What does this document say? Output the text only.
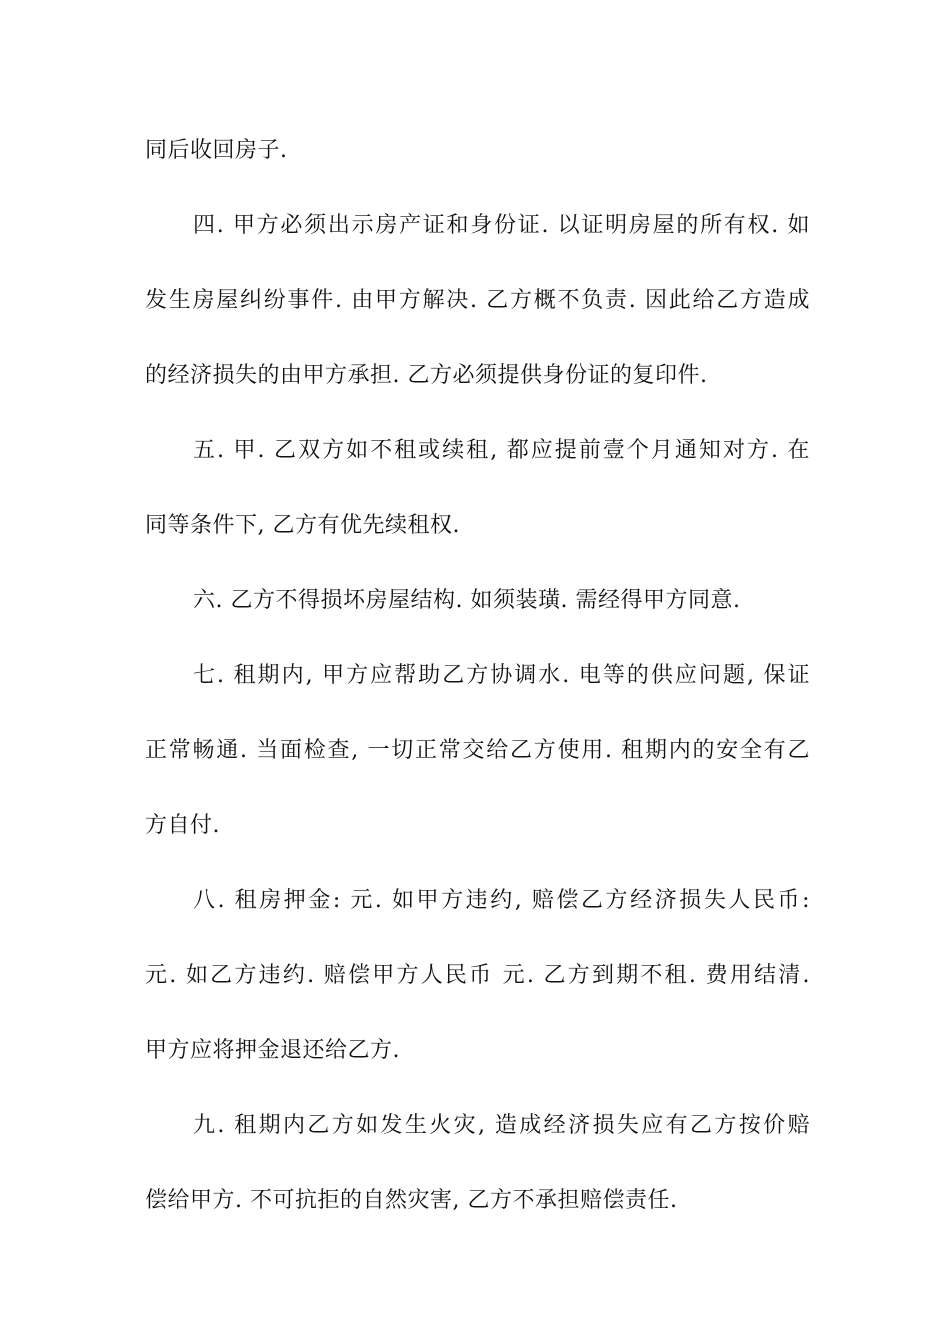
同后收回房子.
四. 甲方必须出示房产证和身份证. 以证明房屋的所有权. 如
发生房屋纠纷事件. 由甲方解决. 乙方概不负责. 因此给乙方造成
的经济损失的由甲方承担. 乙方必须提供身份证的复印件.
五. 甲. 乙双方如不租或续租, 都应提前壹个月通知对方. 在
同等条件下, 乙方有优先续租权.
六. 乙方不得损坏房屋结构. 如须装璜. 需经得甲方同意.
七. 租期内, 甲方应帮助乙方协调水. 电等的供应问题, 保证
正常畅通. 当面检查, 一切正常交给乙方使用. 租期内的安全有乙
方自付.
八. 租房押金: 元. 如甲方违约, 赔偿乙方经济损失人民币:
元. 如乙方违约. 赔偿甲方人民币 元. 乙方到期不租. 费用结清.
甲方应将押金退还给乙方.
九. 租期内乙方如发生火灾, 造成经济损失应有乙方按价赔
偿给甲方. 不可抗拒的自然灾害, 乙方不承担赔偿责任.
